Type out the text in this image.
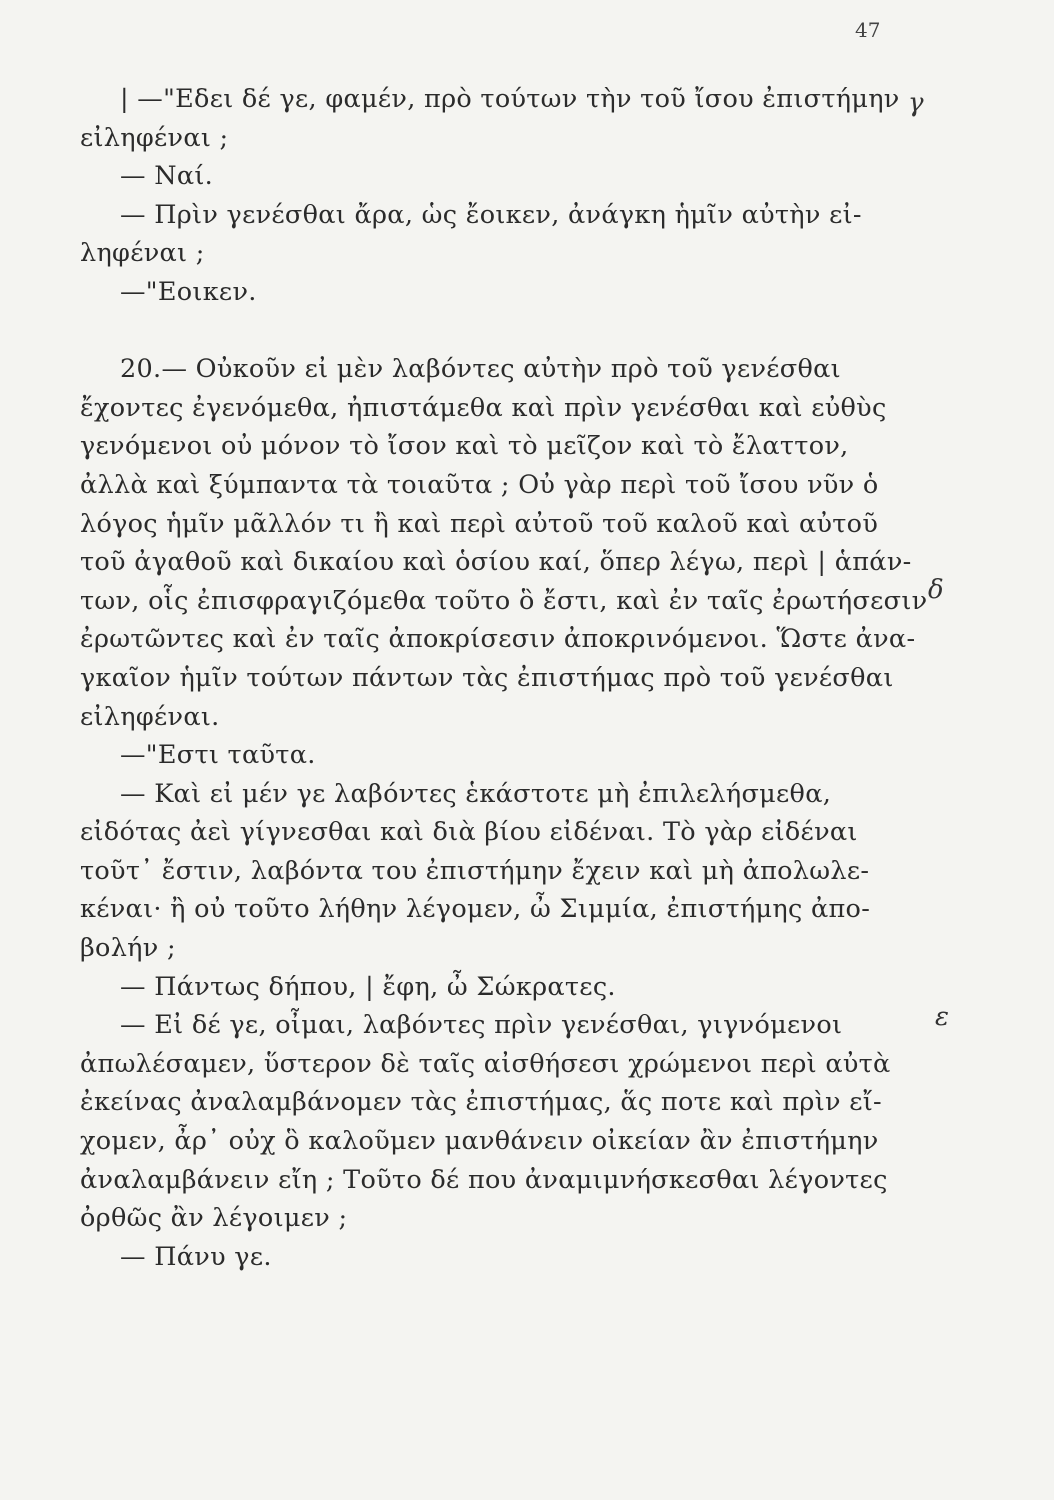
47
γ
δ
ε
| —"Εδει δέ γε, φαμέν, πρὸ τούτων τὴν τοῦ ἴσου ἐπιστήμην
εἰληφέναι ;
— Ναί.
— Πρὶν γενέσθαι ἄρα, ὡς ἔοικεν, ἀνάγκη ἡμῖν αὐτὴν εἰ-
ληφέναι ;
—"Εοικεν.
20.— Οὐκοῦν εἰ μὲν λαβόντες αὐτὴν πρὸ τοῦ γενέσθαι
ἔχοντες ἐγενόμεθα, ἠπιστάμεθα καὶ πρὶν γενέσθαι καὶ εὐθὺς
γενόμενοι οὐ μόνον τὸ ἴσον καὶ τὸ μεῖζον καὶ τὸ ἔλαττον,
ἀλλὰ καὶ ξύμπαντα τὰ τοιαῦτα ; Οὐ γὰρ περὶ τοῦ ἴσου νῦν ὁ
λόγος ἡμῖν μᾶλλόν τι ἢ καὶ περὶ αὐτοῦ τοῦ καλοῦ καὶ αὐτοῦ
τοῦ ἀγαθοῦ καὶ δικαίου καὶ ὁσίου καί, ὅπερ λέγω, περὶ | ἁπάν-
των, οἷς ἐπισφραγιζόμεθα τοῦτο ὃ ἔστι, καὶ ἐν ταῖς ἐρωτήσεσιν
ἐρωτῶντες καὶ ἐν ταῖς ἀποκρίσεσιν ἀποκρινόμενοι. Ὥστε ἀνα-
γκαῖον ἡμῖν τούτων πάντων τὰς ἐπιστήμας πρὸ τοῦ γενέσθαι
εἰληφέναι.
—"Εστι ταῦτα.
— Καὶ εἰ μέν γε λαβόντες ἑκάστοτε μὴ ἐπιλελήσμεθα,
εἰδότας ἀεὶ γίγνεσθαι καὶ διὰ βίου εἰδέναι. Τὸ γὰρ εἰδέναι
τοῦτ᾽ ἔστιν, λαβόντα του ἐπιστήμην ἔχειν καὶ μὴ ἀπολωλε-
κέναι· ἢ οὐ τοῦτο λήθην λέγομεν, ὦ Σιμμία, ἐπιστήμης ἀπο-
βολήν ;
— Πάντως δήπου, | ἔφη, ὦ Σώκρατες.
— Εἰ δέ γε, οἶμαι, λαβόντες πρὶν γενέσθαι, γιγνόμενοι
ἀπωλέσαμεν, ὕστερον δὲ ταῖς αἰσθήσεσι χρώμενοι περὶ αὐτὰ
ἐκείνας ἀναλαμβάνομεν τὰς ἐπιστήμας, ἅς ποτε καὶ πρὶν εἴ-
χομεν, ἆρ᾽ οὐχ ὃ καλοῦμεν μανθάνειν οἰκείαν ἂν ἐπιστήμην
ἀναλαμβάνειν εἴη ; Τοῦτο δέ που ἀναμιμνήσκεσθαι λέγοντες
ὀρθῶς ἂν λέγοιμεν ;
— Πάνυ γε.
